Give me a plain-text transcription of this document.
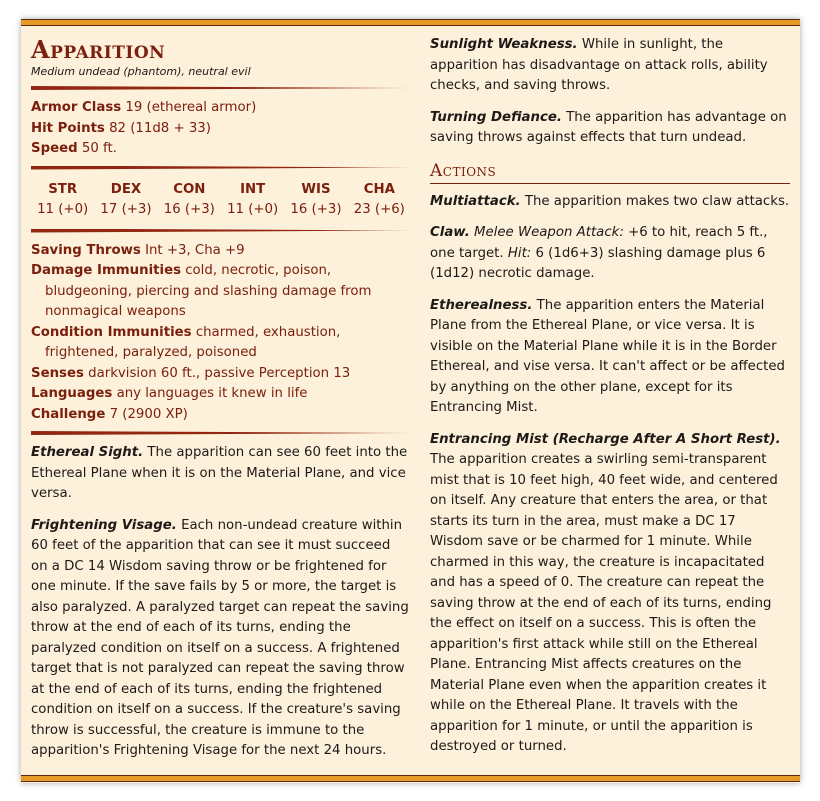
Apparition
Medium undead (phantom), neutral evil
Armor Class 19 (ethereal armor)
Hit Points 82 (11d8 + 33)
Speed 50 ft.
STR
11 (+0)
DEX
17 (+3)
CON
16 (+3)
INT
11 (+0)
WIS
16 (+3)
CHA
23 (+6)
Saving Throws Int +3, Cha +9
Damage Immunities cold, necrotic, poison, bludgeoning, piercing and slashing damage from nonmagical weapons
Condition Immunities charmed, exhaustion, frightened, paralyzed, poisoned
Senses darkvision 60 ft., passive Perception 13
Languages any languages it knew in life
Challenge 7 (2900 XP)

Ethereal Sight. The apparition can see 60 feet into the Ethereal Plane when it is on the Material Plane, and vice versa.

Frightening Visage. Each non-undead creature within 60 feet of the apparition that can see it must succeed on a DC 14 Wisdom saving throw or be frightened for one minute. If the save fails by 5 or more, the target is also paralyzed. A paralyzed target can repeat the saving throw at the end of each of its turns, ending the paralyzed condition on itself on a success. A frightened target that is not paralyzed can repeat the saving throw at the end of each of its turns, ending the frightened condition on itself on a success. If the creature's saving throw is successful, the creature is immune to the apparition's Frightening Visage for the next 24 hours.

Sunlight Weakness. While in sunlight, the apparition has disadvantage on attack rolls, ability checks, and saving throws.

Turning Defiance. The apparition has advantage on saving throws against effects that turn undead.

Actions

Multiattack. The apparition makes two claw attacks.

Claw. Melee Weapon Attack: +6 to hit, reach 5 ft., one target. Hit: 6 (1d6+3) slashing damage plus 6 (1d12) necrotic damage.

Etherealness. The apparition enters the Material Plane from the Ethereal Plane, or vice versa. It is visible on the Material Plane while it is in the Border Ethereal, and vise versa. It can't affect or be affected by anything on the other plane, except for its Entrancing Mist.

Entrancing Mist (Recharge After A Short Rest). The apparition creates a swirling semi-transparent mist that is 10 feet high, 40 feet wide, and centered on itself. Any creature that enters the area, or that starts its turn in the area, must make a DC 17 Wisdom save or be charmed for 1 minute. While charmed in this way, the creature is incapacitated and has a speed of 0. The creature can repeat the saving throw at the end of each of its turns, ending the effect on itself on a success. This is often the apparition's first attack while still on the Ethereal Plane. Entrancing Mist affects creatures on the Material Plane even when the apparition creates it while on the Ethereal Plane. It travels with the apparition for 1 minute, or until the apparition is destroyed or turned.
